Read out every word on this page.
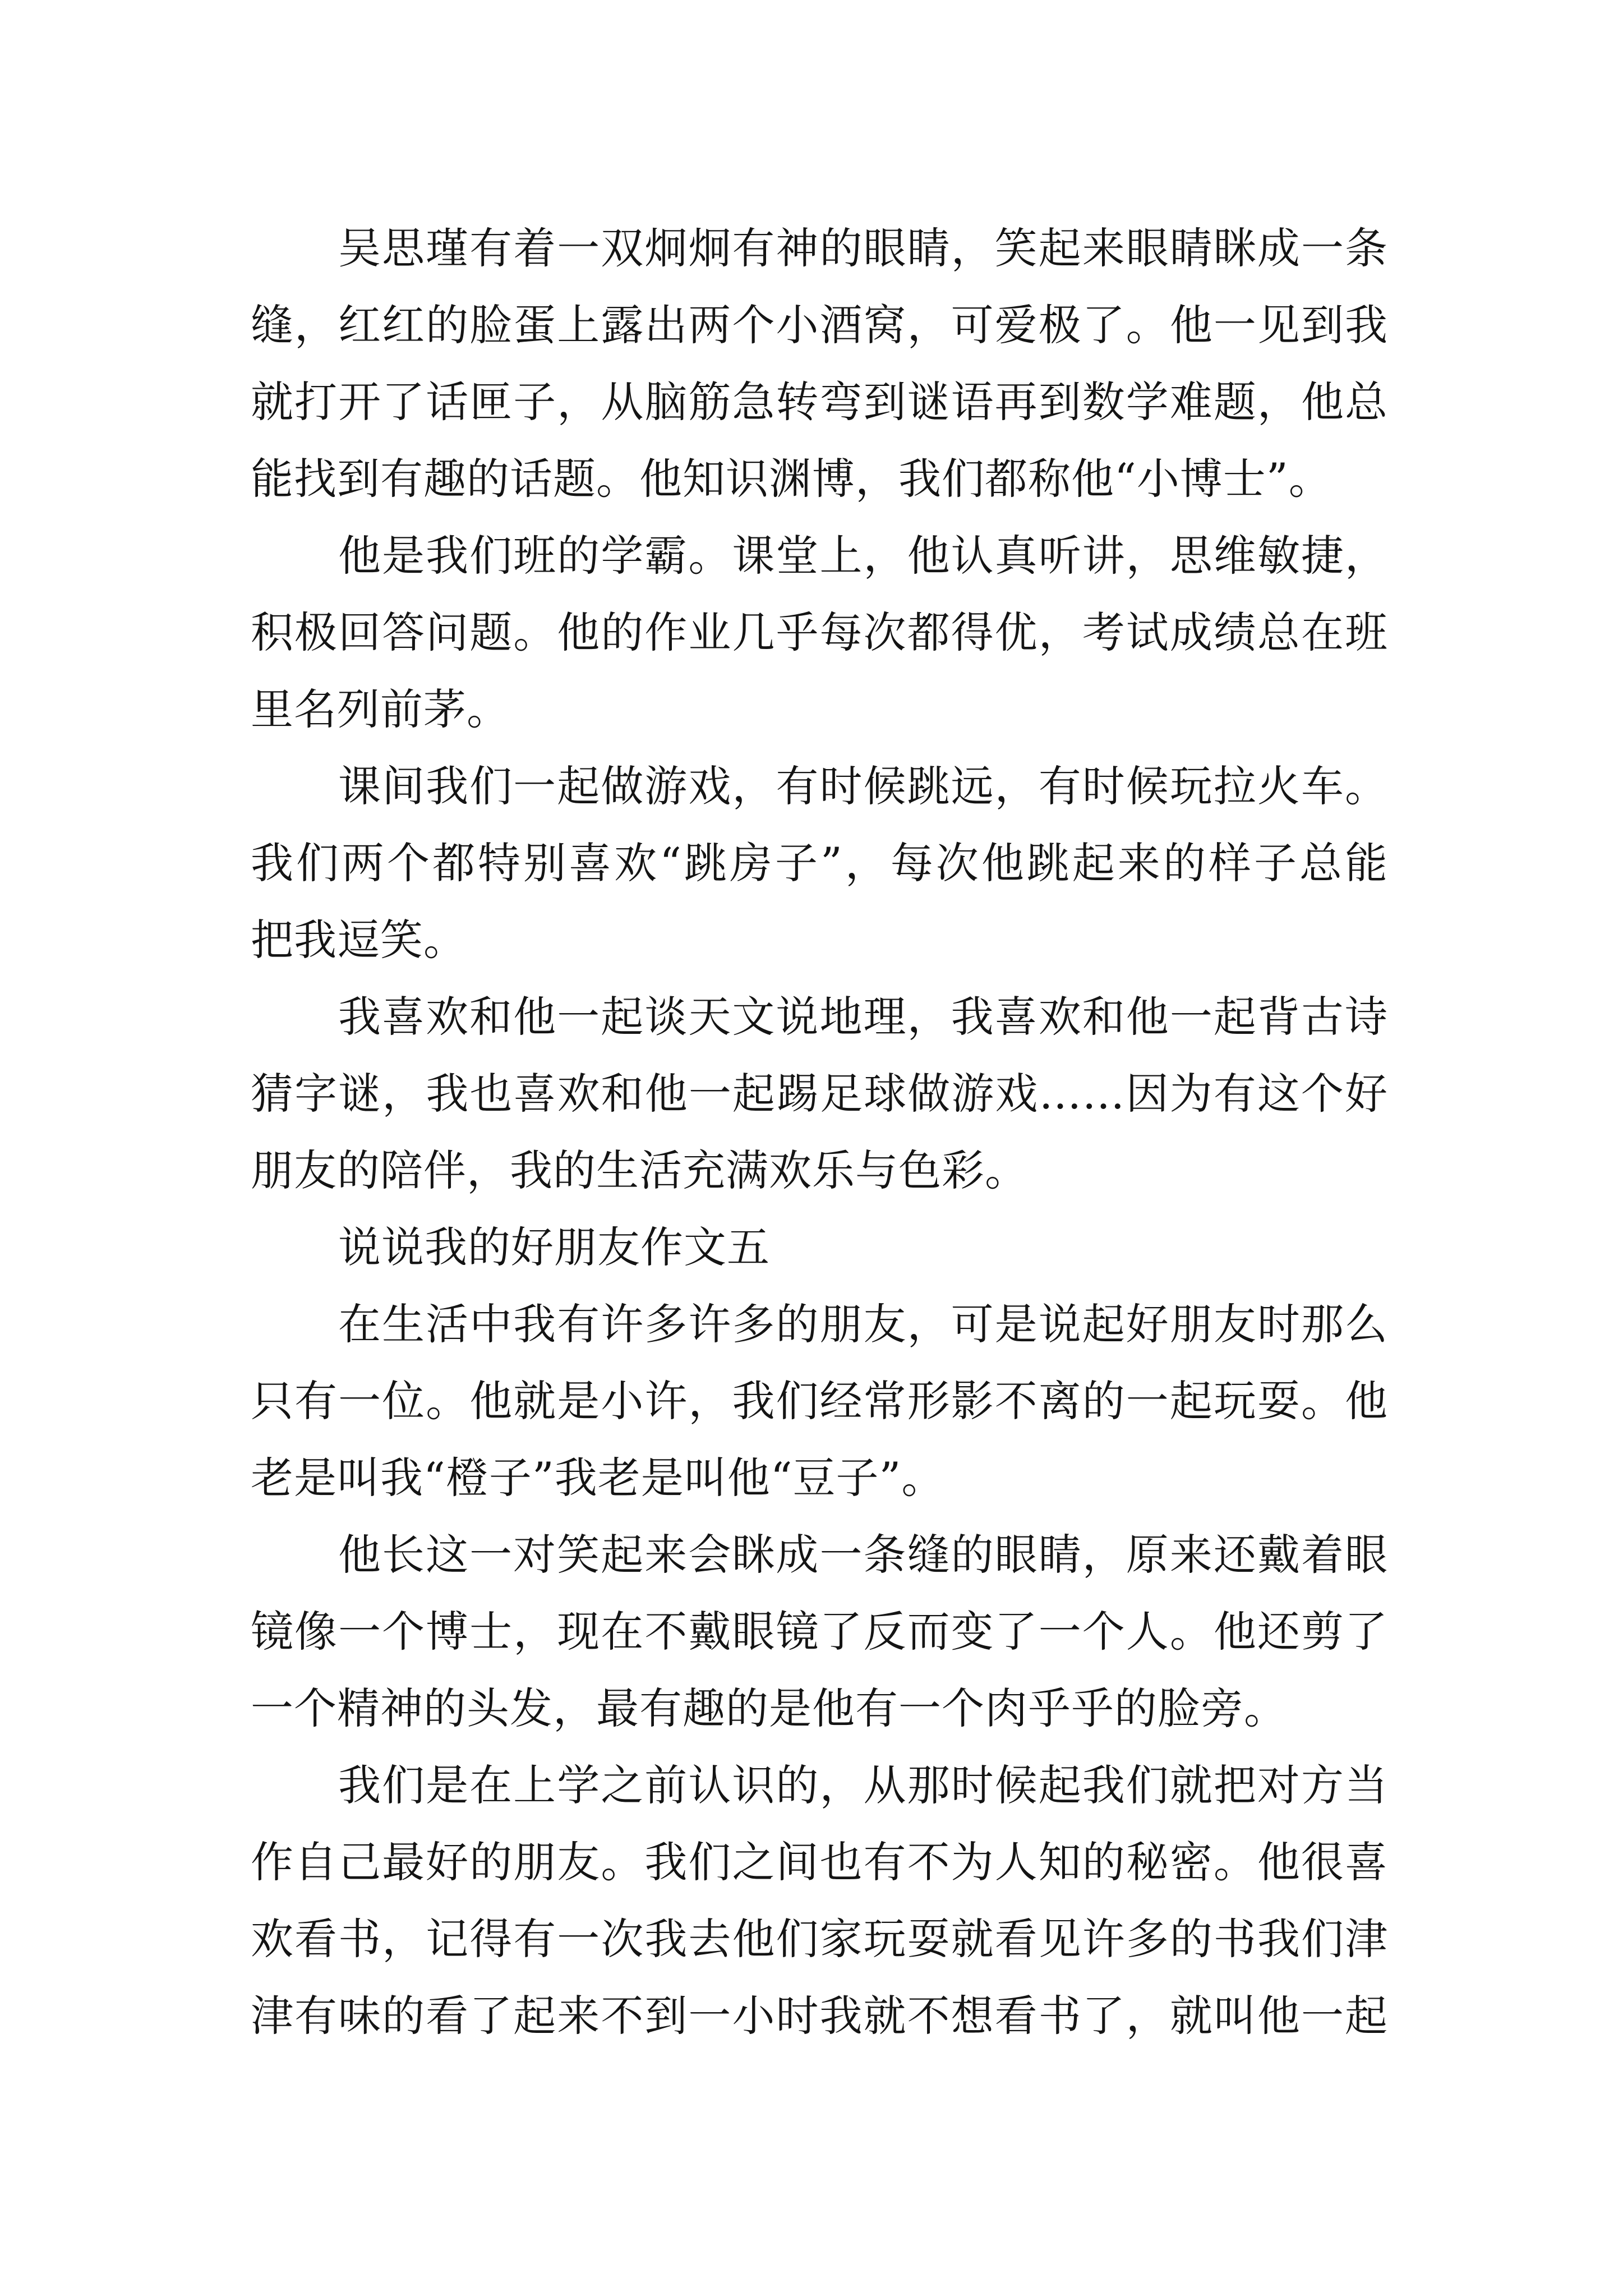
吴思瑾有着一双炯炯有神的眼睛，笑起来眼睛眯成一条
缝，红红的脸蛋上露出两个小酒窝，可爱极了。他一见到我
就打开了话匣子，从脑筋急转弯到谜语再到数学难题，他总
能找到有趣的话题。他知识渊博，我们都称他“小博士”。
他是我们班的学霸。课堂上，他认真听讲，思维敏捷，
积极回答问题。他的作业几乎每次都得优，考试成绩总在班
里名列前茅。
课间我们一起做游戏，有时候跳远，有时候玩拉火车。
我们两个都特别喜欢“跳房子”，每次他跳起来的样子总能
把我逗笑。
我喜欢和他一起谈天文说地理，我喜欢和他一起背古诗
猜字谜，我也喜欢和他一起踢足球做游戏……因为有这个好
朋友的陪伴，我的生活充满欢乐与色彩。
说说我的好朋友作文五
在生活中我有许多许多的朋友，可是说起好朋友时那么
只有一位。他就是小许，我们经常形影不离的一起玩耍。他
老是叫我“橙子”我老是叫他“豆子”。
他长这一对笑起来会眯成一条缝的眼睛，原来还戴着眼
镜像一个博士，现在不戴眼镜了反而变了一个人。他还剪了
一个精神的头发，最有趣的是他有一个肉乎乎的脸旁。
我们是在上学之前认识的，从那时候起我们就把对方当
作自己最好的朋友。我们之间也有不为人知的秘密。他很喜
欢看书，记得有一次我去他们家玩耍就看见许多的书我们津
津有味的看了起来不到一小时我就不想看书了，就叫他一起
